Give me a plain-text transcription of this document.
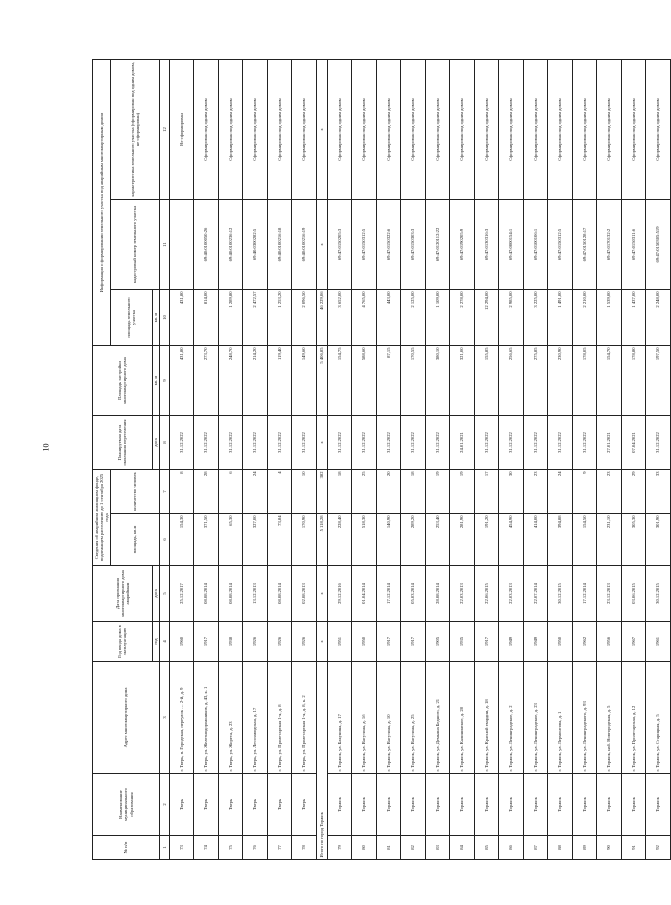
10
№ п/п	Наименование муниципального образования	Адрес многоквартирного дома	Год ввода дома в эксплуатацию	Дата признания многоквартирного дома аварийным	Сведения об аварийном жилищном фонде, подлежащем расселению до 1 сентября 2025 года		Планируемая дата окончания переселения	Площадь застройки многоквартирного дома	Информация о формировании земельного участка под аварийным многоквартирным домом		
					площадь, кв.м	количество человек			площадь земельного участка	кадастровый номер земельного участка	характеристика земельного участка (сформирован под одним домом, не сформирован)
			год	дата			дата	кв. м	кв. м		
1	2	3	4	5	6	7	8	9	10	11	12
73	Тверь	г. Тверь, п. Городская, переулок … 2-й, д. 9	1960	25.12.2017	154,30	8	31.12.2022	431,80	431,80		Не сформирован
74	Тверь	г. Тверь, ул. Железнодорожников, д. 43, к. 1	1917	08.08.2014	371,50	28	31.12.2022	273,70	814,00	69:40:0100050:26	Сформирован под одним домом
75	Тверь	г. Тверь, ул. Жореса, д. 23	1938	08.08.2014	65,30	6	31.12.2022	248,70	1 289,80	69:40:0100236:12	Сформирован под одним домом
76	Тверь	г. Тверь, ул. Лесозаводская, д. 17	1926	13.12.2013	327,00	24	31.12.2022	214,20	2 472,57	69:40:0300282:5	Сформирован под одним домом
77	Тверь	г. Тверь, ул. Пролетарская 1-я, д. 8	1926	08.08.2014	73,84	4	31.12.2022	119,40	1 253,20	69:40:0100216:18	Сформирован под одним домом
78	Тверь	г. Тверь, ул. Пролетарская 1-я, д. 8, к. 2	1926	02.08.2013	170,90	10	31.12.2022	149,60	2 096,50	69:40:0100216:19	Сформирован под одним домом
Итого по город Торжок			х	х	5 118,28	382	х	5 406,85	46 229,06	х	х
79	Торжок	г. Торжок, ул. Бакунина, д. 17	1951	29.12.2016	228,40	18	31.12.2022	154,75	3 652,00	69:47:0150205:3	Сформирован под одним домом
80	Торжок	г. Торжок, ул. Ватутина, д. 1б	1950	01.04.2014	518,30	25	31.12.2022	588,60	4 765,00	69:47:0150312:5	Сформирован под одним домом
81	Торжок	г. Торжок, ул. Ватутина, д. 10	1917	17.12.2014	140,90	20	31.12.2022	87,15	443,00	69:47:0150322:6	Сформирован под одним домом
82	Торжок	г. Торжок, ул. Ватутина, д. 25	1917	05.03.2014	289,20	18	31.12.2022	170,55	2 125,00	69:47:0150303:3	Сформирован под одним домом
83	Торжок	г. Торжок, ул. Демьяна Бедного, д. 21	1905	28.08.2014	253,40	19	31.12.2022	380,10	1 109,00	69:47:0120112:22	Сформирован под одним домом
84	Торжок	г. Торжок, ул. Калининское, д. 28	1935	22.03.2013	281,90	19	24.01.2021	321,00	2 278,00	69:47:0190205:9	Сформирован под одним домом
85	Торжок	г. Торжок, ул. Красной гвардии, д. 18	1917	22.06.2015	191,20	17	31.12.2022	155,85	12 294,00	69:47:0130316:3	Сформирован под одним домом
86	Торжок	г. Торжок, ул. Ленинградское, д. 2	1949	22.03.2013	454,90	30	31.12.2022	256,65	2 985,00	69:47:0000154:1	Сформирован под одним домом
87	Торжок	г. Торжок, ул. Ленинградское, д. 23	1949	22.07.2014	414,00	23	31.12.2022	275,85	3 225,00	69:47:0100106:1	Сформирован под одним домом
88	Торжок	г. Торжок, ул. Лермонтова, д. 1	1950	30.12.2015	394,88	24	31.12.2022	230,90	1 491,00	69:47:0150312:5	Сформирован под одним домом
89	Торжок	г. Торжок, ул. Ленинградского, д. 93	1962	17.12.2014	154,50	9	31.12.2022	178,05	2 210,00	69:47:0150128:17	Сформирован под одним домом
90	Торжок	г. Торжок, наб. Новгородская, д. 5	1956	23.12.2013	231,10	23	27.01.2021	154,70	1 539,00	69:47:0170132:2	Сформирован под одним домом
91	Торжок	г. Торжок, ул. Пролетарская, д. 12	1967	03.06.2015	305,30	29	07.04.2021	178,80	1 437,00	69:47:0150311:6	Сформирован под одним домом
92	Торжок	г. Торжок, ул. Старицкая, д. 5	1961	30.12.2015	301,90	33	31.12.2022	197,50	2 248,00	69:47:0150305:519	Сформирован под одним домом
